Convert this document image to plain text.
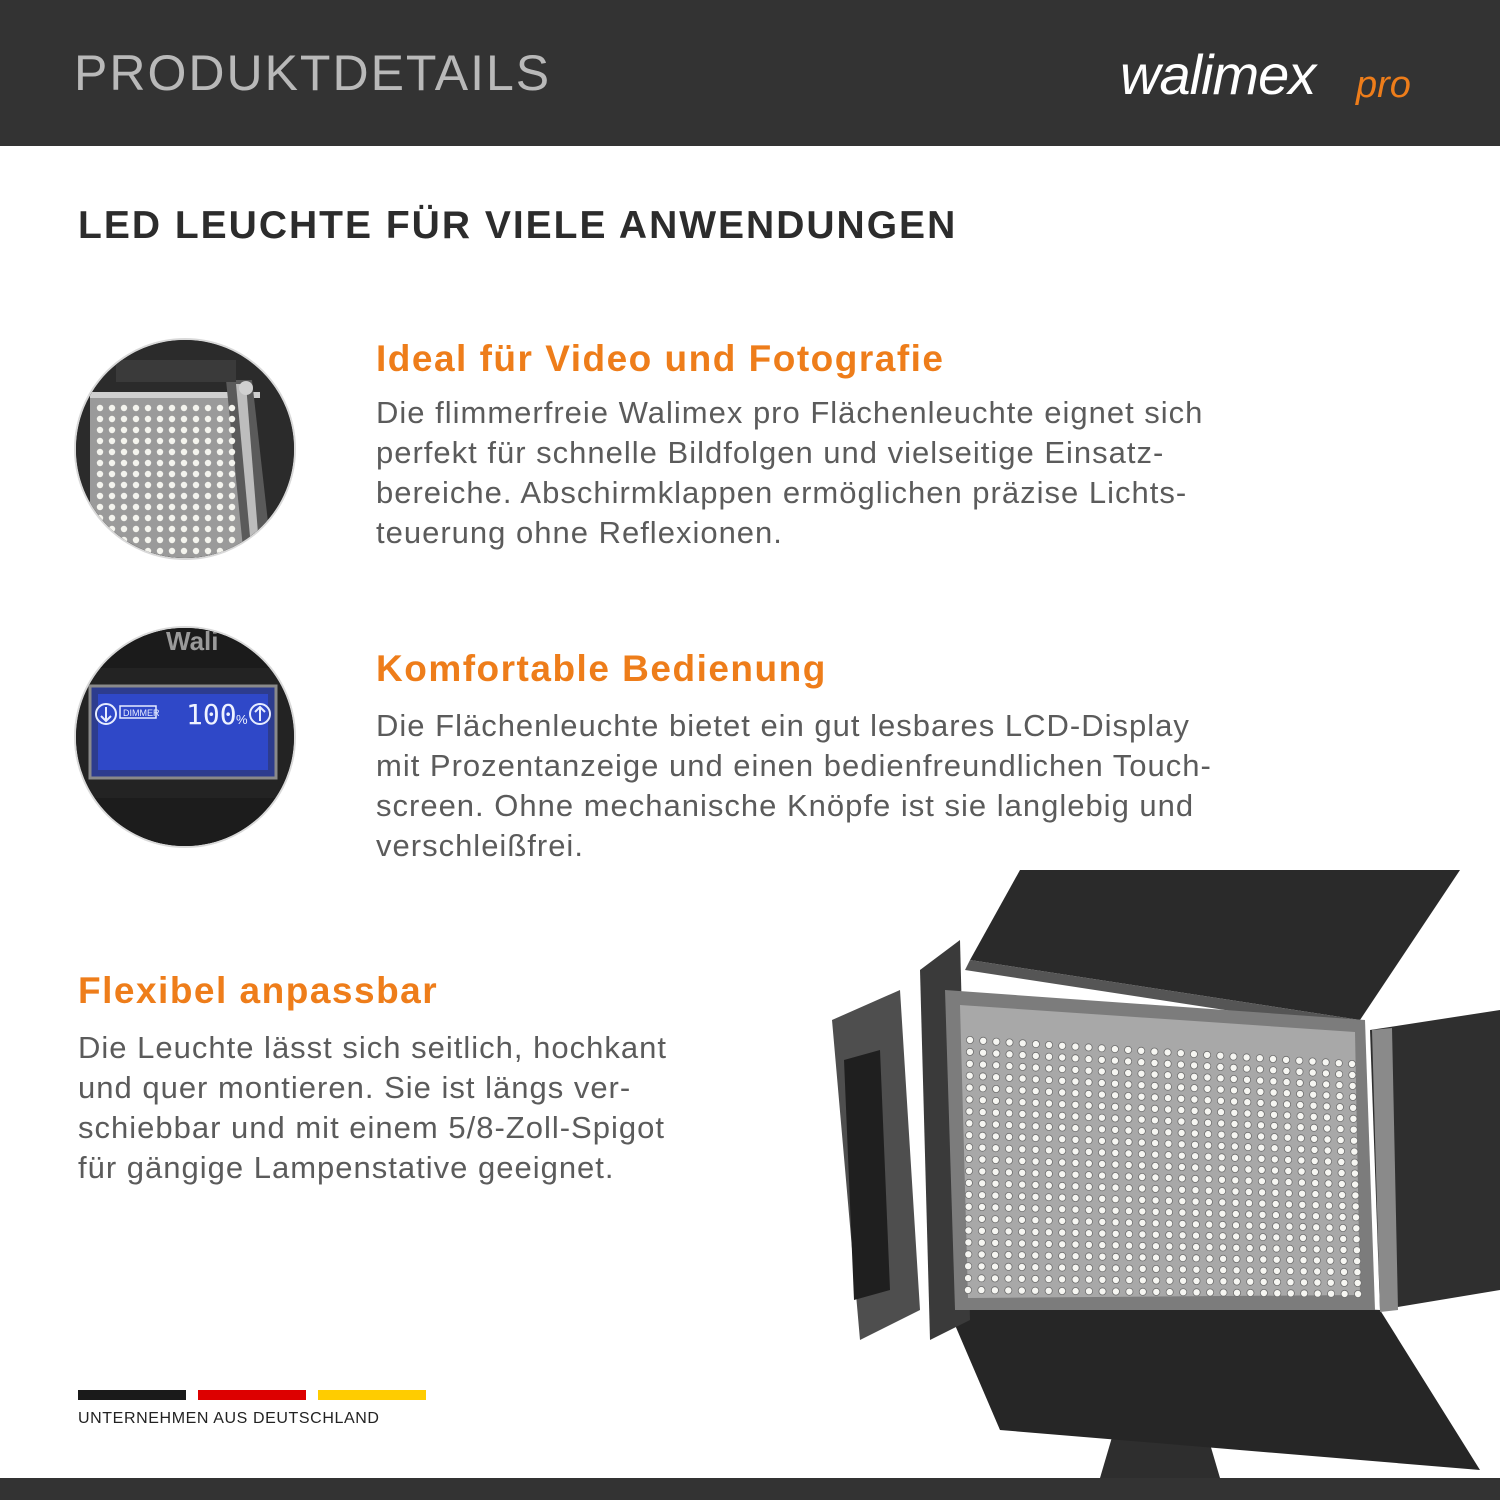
PRODUKTDETAILS	walimex pro
LED LEUCHTE FÜR VIELE ANWENDUNGEN
Ideal für Video und Fotografie
Die flimmerfreie Walimex pro Flächenleuchte eignet sich
perfekt für schnelle Bildfolgen und vielseitige Einsatz-
bereiche. Abschirmklappen ermöglichen präzise Lichts-
teuerung ohne Reflexionen.
Wali
DIMMER 100 %
Komfortable Bedienung
Die Flächenleuchte bietet ein gut lesbares LCD-Display
mit Prozentanzeige und einen bedienfreundlichen Touch-
screen. Ohne mechanische Knöpfe ist sie langlebig und
verschleißfrei.
Flexibel anpassbar
Die Leuchte lässt sich seitlich, hochkant
und quer montieren. Sie ist längs ver-
schiebbar und mit einem 5/8-Zoll-Spigot
für gängige Lampenstative geeignet.
UNTERNEHMEN AUS DEUTSCHLAND
